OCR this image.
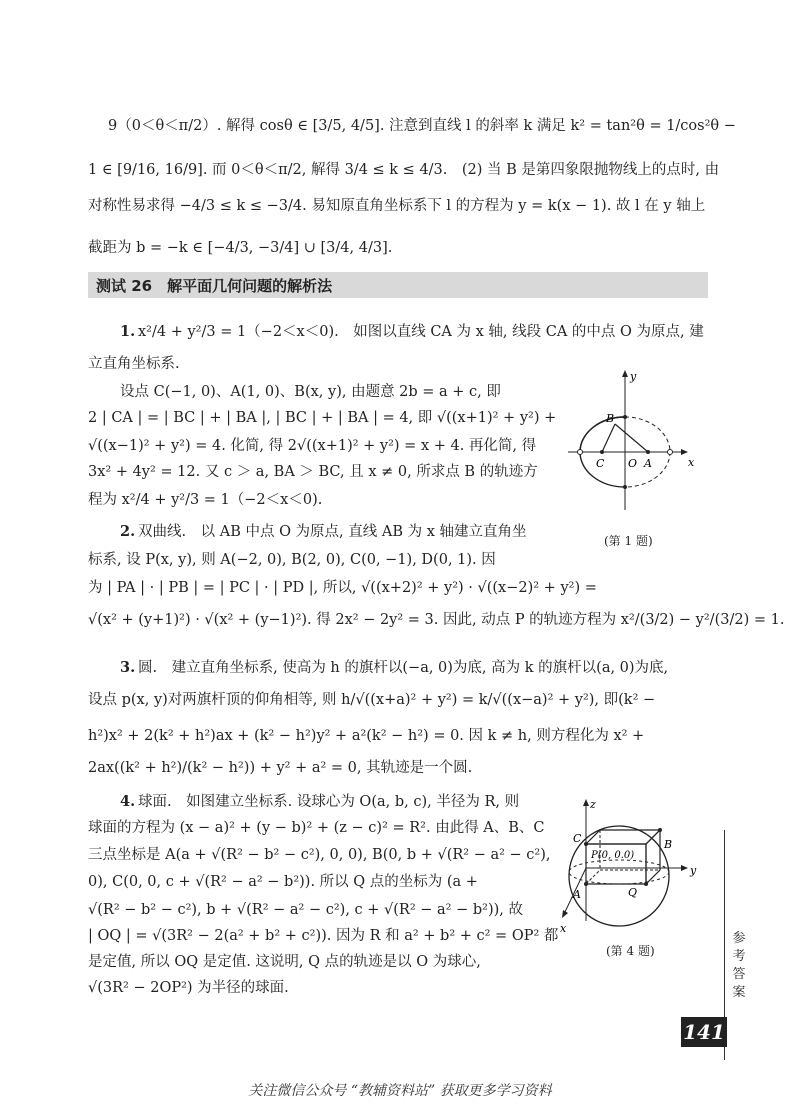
9（0＜θ＜π/2）. 解得 cosθ ∈ [3/5, 4/5]. 注意到直线 l 的斜率 k 满足 k² = tan²θ = 1/cos²θ −
1 ∈ [9/16, 16/9]. 而 0＜θ＜π/2, 解得 3/4 ≤ k ≤ 4/3.　(2) 当 B 是第四象限抛物线上的点时, 由
对称性易求得 −4/3 ≤ k ≤ −3/4. 易知原直角坐标系下 l 的方程为 y = k(x − 1). 故 l 在 y 轴上
截距为 b = −k ∈ [−4/3, −3/4] ∪ [3/4, 4/3].
测试 26　解平面几何问题的解析法
1. x²/4 + y²/3 = 1（−2＜x＜0).　如图以直线 CA 为 x 轴, 线段 CA 的中点 O 为原点, 建
立直角坐标系.
设点 C(−1, 0)、A(1, 0)、B(x, y), 由题意 2b = a + c, 即
2 | CA | = | BC | + | BA |, | BC | + | BA | = 4, 即 √((x+1)² + y²) +
√((x−1)² + y²) = 4. 化简, 得 2√((x+1)² + y²) = x + 4. 再化简, 得
3x² + 4y² = 12. 又 c ＞ a, BA ＞ BC, 且 x ≠ 0, 所求点 B 的轨迹方
程为 x²/4 + y²/3 = 1（−2＜x＜0).
y
x
B
C O A
(第 1 题)
2. 双曲线.　以 AB 中点 O 为原点, 直线 AB 为 x 轴建立直角坐
标系, 设 P(x, y), 则 A(−2, 0), B(2, 0), C(0, −1), D(0, 1). 因
为 | PA | · | PB | = | PC | · | PD |, 所以, √((x+2)² + y²) · √((x−2)² + y²) =
√(x² + (y+1)²) · √(x² + (y−1)²). 得 2x² − 2y² = 3. 因此, 动点 P 的轨迹方程为 x²/(3/2) − y²/(3/2) = 1.
3. 圆.　建立直角坐标系, 使高为 h 的旗杆以(−a, 0)为底, 高为 k 的旗杆以(a, 0)为底,
设点 p(x, y)对两旗杆顶的仰角相等, 则 h/√((x+a)² + y²) = k/√((x−a)² + y²), 即(k² −
h²)x² + 2(k² + h²)ax + (k² − h²)y² + a²(k² − h²) = 0. 因 k ≠ h, 则方程化为 x² +
2ax((k² + h²)/(k² − h²)) + y² + a² = 0, 其轨迹是一个圆.
4. 球面.　如图建立坐标系. 设球心为 O(a, b, c), 半径为 R, 则
球面的方程为 (x − a)² + (y − b)² + (z − c)² = R². 由此得 A、B、C
三点坐标是 A(a + √(R² − b² − c²), 0, 0), B(0, b + √(R² − a² − c²),
0), C(0, 0, c + √(R² − a² − b²)). 所以 Q 点的坐标为 (a +
√(R² − b² − c²), b + √(R² − a² − c²), c + √(R² − a² − b²)), 故
| OQ | = √(3R² − 2(a² + b² + c²)). 因为 R 和 a² + b² + c² = OP² 都
是定值, 所以 OQ 是定值. 这说明, Q 点的轨迹是以 O 为球心,
√(3R² − 2OP²) 为半径的球面.
z
C
P(0, 0.0)
B
y
A	Q
x
(第 4 题)
参
考
答
案
141
关注微信公众号 “教辅资料站” 获取更多学习资料
